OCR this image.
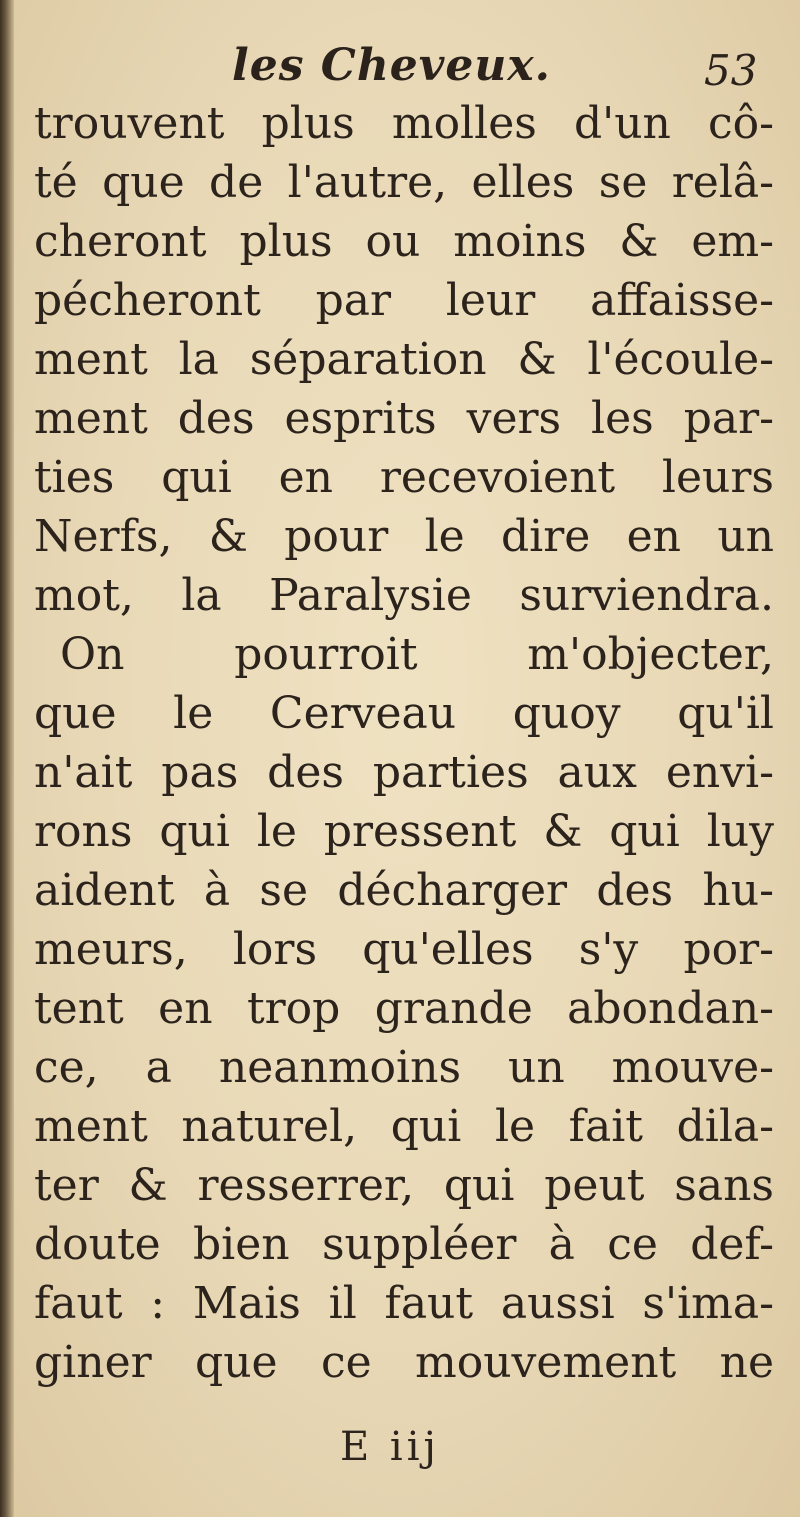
les Cheveux.	53
trouvent plus molles d'un cô-
té que de l'autre, elles se relâ-
cheront plus ou moins & em-
pécheront par leur affaisse-
ment la séparation & l'écoule-
ment des esprits vers les par-
ties qui en recevoient leurs
Nerfs, & pour le dire en un
mot, la Paralysie surviendra.
On pourroit m'objecter,
que le Cerveau quoy qu'il
n'ait pas des parties aux envi-
rons qui le pressent & qui luy
aident à se décharger des hu-
meurs, lors qu'elles s'y por-
tent en trop grande abondan-
ce, a neanmoins un mouve-
ment naturel, qui le fait dila-
ter & resserrer, qui peut sans
doute bien suppléer à ce def-
faut : Mais il faut aussi s'ima-
giner que ce mouvement ne
E iij
